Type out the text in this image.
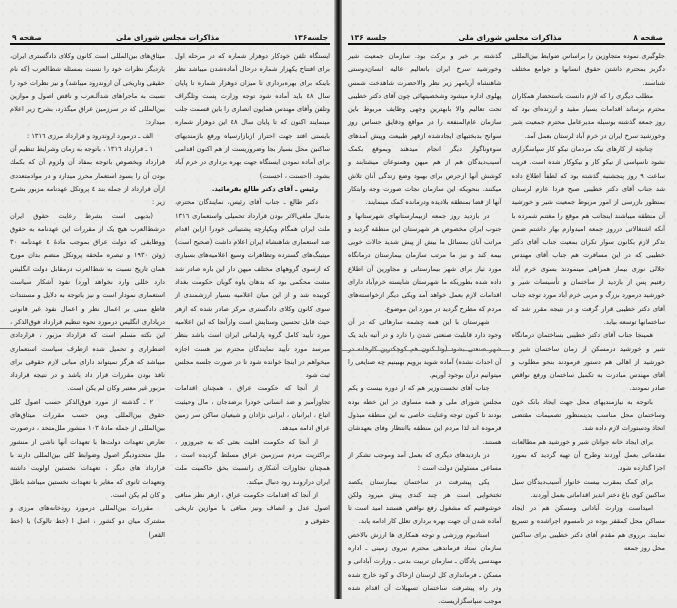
جلسه۱۳۶
مذاکرات مجلس شورای ملی
صفحه ۹

ایستگاه تلفن خودکار دوهزار شماره که در مرحله اول برای افتتاح یکهزار شماره درحال آماده‌شدن میباشد نظر باینکه برای بهره‌برداری تا میزان دوهزار شماره تا پایان سال ٤٨ باید آماده شود توجه وزارت پست وتلگراف وتلفن وآقای مهندس همایون انصاری را باین قسمت جلب مینمایند اکنون که تا پایان سال ٤٨ این دوهزار شماره بایستی افتد جهت احتراز ازبازارسیاه ورفع بازمندیهای ساکنین محل بسیار بجا وضروریست از هم اکنون اقدامی برای آماده نمودن ایستگاه جهت بهره برداری در خرم آباد بشود. (احسنت ، احسنت)

رئیس ـ آقای دکتر طالع بفرمائید.

دکتر طالع ـ جناب آقای رئیس، نمایندگان محترم، بدنبال ملغی‌الاثر بودن قرارداد تحمیلی واستعماری ۱۳۱٦ ملت ایران همگام ویکپارچه پشتیبانی خودرا ازاین اقدام ضد استعماری شاهنشاه ایران اعلام داشت (صحیح است) میتینگ‌های گسترده وتظاهرات وسیع اعلامیه‌های بسیاری که ازسوی گروههای مختلف میهن دار این باره صادر شد مشت محکمی بود که بدهان یاوه گویان حکومت بغداد کوبیده شد و از این میان اعلامیه بسیار ارزشمندی از سوی کانون وکلای دادگستری مرکز صادر شده که ازهر حیث قابل تحسین وستایش است وازآنجا که این اعلامیه مورد تأیید کامل گروه پارلمانی ایران است باشد بنظر میرسد مورد تأیید نمایندگان محترم نیز هست اجازه میخواهم در اینجا خوانده شود تا در صورت جلسه مجلس ثبت شود

از آنجا که حکومت عراق ، همچنان اقدامات تجاوزآمیز و ضد انسانی خودرا برضدجان ، مال وحیثیت اتباع ، ایرانیان ، ایرانی نژادان و شیعیان ساکن سر زمین عراق ادامه میدهد.

از آنجا که حکومت اقلیت بعثی که به جبروزور ، براکثریت مردم سرزمین عراق مسلط گردیده است ، همچنان تجاوزات آشکاری رانسبت بحق حاکمیت ملت ایران درارونـد رود دنبال میکند.

از آنجا که اقدامات حکومت عراق ، ازهر نظر منافی اصول عدل و انصاف ونیز منافی با موازین تاریخی حقوقی و

میثاق‌های بین‌المللی است کانون وکلای دادگستری ایران، باردیگر نظرات خود را نسبت بمسئله شط‌العرب (که نام حقیقی وتاریخی آن اروندرود میباشد) و نیز نظرات خود را نسبت به ماجراهای شدآلـعرب و ناقض اصول و موازین بین‌المللی که در سرزمین عراق میگذرد، بشرح زیر اعلام میدارد:

الف ـ درمورد اروندرود و قرارداد مرزی ۱۳۱٦ :

۱ ـ قرارداد ۱۳۱٦ ، باتوجه به زمان وشرایط تنظیم آن قرارداد وبخصوص باتوجه بمفاد آن ولزوم آن كه بكمك بودن آن را بسود استعمار محرز میدارد و در موادمتعددی ازآن قرارداد از جمله بند ٤ پروتکل عهدنامه مزبور بشرح زیر :

(بدیهی است بشرط رعایت حقوق ایران درشط‌العرب هیچ یک از مقررات این عهدنامه به حقوق ووظایفی که دولت عراق بموجب مادهٔ ٤ عهدنامه ۳۰ ژوئن ۱۹۳۰ و تبصره ملحقه پروتکل منضم بدان مورخ همان تاریخ نسبت به شط‌العرب درمقابل دولت انگلیس دارد خللی وارد نخواهد آورد) نفوذ آشکار سیاست استعماری نمودار است و نیز باتوجه به دلایل و مستندات قاطع مبنی بر اعمال نظر و اعمال نفوذ غیر قانونی دریاداری انگلیس درمورد نحوه تنظیم قرارداد فوق‌الذکر ، این نکته مسلم است که قرارداد مزبور ، قراردادی اضطراری و تحمیل شده ازطرف سیاست استعماری میباشد که هرگز نمیتواند دارای مبانی لازم حقوقی برای نافذ بودن مقررات قرار داد باشد و در نتیجه قرارداد مزبور غیر معتبر وکان لم یکن است.

۲ ـ گذشته از مورد فوق‌الذکر حسب اصول کلی حقوق بین‌المللی وبین حسب مقررات میثاق‌های بین‌المللی از جمله مادهٔ ۱۰۳ منشور ملل‌متحد ، درصورت تعارض تعهدات دولت‌ها با تعهدات آنها ناشی از منشور ملل متحدودیگر اصول وضوابط کلی بین‌المللی دارند با قرارداد های دیگر ، تعهدات نخستین اولویت داشته وتعهدات ثانوی که مغایر با تعهدات نخستین میباشد باطل و کان لم یکن است.

مقررات بین‌المللی درمورد رودخانه‌های مرزی و مشترک میان دو کشور ، اصل ا (خط تالوک) یا (خط القعر)

صفحه ۸
مذاکرات مجلس شورای ملی
جلسه ۱۳۶

جلوگیری نموده متجاوزین را براساس ضوابط بین‌المللی دگربز بمحترم داشتن حقوق انسانها و جوامع مختلف شناسند.

مطلب دیگری را که لازم دانست باستحضار همکاران محترم برساند اقدامات بسیار مفید و ارزنده‌ای بود که روز جمعه گذشته بوسیله مدیرعامل محترم جمعیت شیر وخورشید سرخ ایران در خرم آباد لرستان بعمل آمد.

چنانچه از کارهای نیک مردمان نیکو کار سپاسگزاری نشود ناسپاسی از نیکو کار و نیکوکار شده است. قریب ساعت ۹ روز پنجشنبه گذشته بود که لطفاً اطلاع داده شد جناب آقای دکتر خطیبی صبح فردا عازم لرستان بمنظور بازرسی از امور مربوط جمعیت شیر و خورشید آن منطقه میباشند اینجانب هم موقع را مغتنم شمرده با آنکه اشتغالاتی درروز جمعه امیدوارم بهار داشتم ضمن تذکر لازم بکانون سوار تکران بمعیت جناب آقای دکتر خطیبی که در این مسافرت هم جناب آقای مهندس جلالی نوری بیمار همراهی مینمودند بسوی خرم آباد رفتیم پس از بازدید از ساختمان و تأسیسات شیر و خورشید درمورد بزرگ و مربی خرم آباد مورد توجه جناب آقای دکتر خطیبی قرار گرفت و در نتیجه مقرر شد که ساختمانها توسعه بیابد.

همینجا جناب آقای دکتر خطیبی بساختمان درمانگاه شیر و خورشید درمسکن از زمان ساختمان شیر و خورشید از اهالی هم دستور فرمودند بنحو مطلوب و آقای مهندس مبادرت به تکمیل ساختمان ورفع نواقص صادر نمودند.

باتوجه به نیازمندیهای محل جهت ایجاد بانک خون وساختمان محل مناسب بدینمنظور تصمیمات مقتضی اتخاذ ودستورات لازم داده شد.

برای ایجاد خانه جوانان شیر و خورشید هم مطالعات مقدماتی بعمل آوردند وطرح آن تهیه گردید که بمورد اجرا گذارده شود.

برای کمک بمقرب بیست خانوار آسیب‌دیدگان سیل ساکنین کوی باغ دختر اندیز اقداماتی بعمل آوردند.

امیداست وزارت آبادانی ومسکن هم در ایجاد مساکن محل کمقفر بوده در تامسوم اجراشده و تسریع نمایند. برروی هم مقدم آقای دکتر خطیبی برای ساکنین محل روز جمعه

گذشته بر خیر و برکت بود. سازمان جمعیت شیر وخورشید سرخ ایران باتعالیم عالیه انسان‌دوستی شاهنشاه آریامهر زیر نظر والاحضرت شاهدخت شمس پهلوی اداره میشود وشخصیتهائی چون آقای دکتر خطیبی تحت تعالیم والا بابهترین وجهی وظایف مربوط باین سازمان عام‌المنفعه را در مواقع ودقایق حساس روز سوانح بدبختیهای ایجادشده ازقهر طبیعت وپیش آمدهای سوءوناگوار دیگر انجام میدهند وبموقع بکمک آسیب‌دیدگان هم از هم میهن وهمنوعان میشتابند و کوشش آنها ازحرص برای بهبود وضع زندگی آنان تلاش میکنند. بنحویکه این سازمان نجات صورت وجه وابتکار آنها از قضا بمنطقه بلادیده ودرمانده کمک مینمایند.

در بازدید روز جمعه ازبیمارستانهای شهرستانها و جنوب ایران مخصوص هر شهرستان این منطقه گردید و مراتب آنان بمسائل ما بیش از پیش شدید حالات خوبی بیمه کند و نیز ما مرتب سازمان بیمارستان درمانگاه مورد نیاز برای شهر بیمارستانی و مجاورین آن اطلاع داده شده بطوریکه ما شهرستان شایسته خرم‌آباد دارای اقدامات لازم بعمل خواهد آمد ویکی دیگر ازخواسته‌های مردم که مطرح گردید در مورد این موضوع.

شهرستان با این همه چشمه سارهائی که در آن وجود دارد قابلیت صنعتی شدن را دارد و در آتیه باید یک شهر صنعتی بشود (وتا کنون هم کوچکترین کارخانه در آن احداث نشده) آماده شوید برویم بهبینیم چه صنایعی را میتوانیم درآن بوجود آوریم.

جناب آقای نخست‌وزیر هم که از دوره بیست و یکم مجلس شورای ملی و همه مساوی در این خطه بوده بودند تا کنون توجه وعنایت خاصی به این منطقه مبذول فرموده اند لذا مردم این منطقه باانتظار وفای بعهدشان هستند.

در بازدیدهای دیگری که بعمل آمد وموجب تشکر از مساعی مسئولین دولت است :

یکی پیشرفت در ساختمان بیمارستان یکصد تختخوابی است هر چند کندی پیش میرود ولکن خوشوقتیم که مشغول رفع نواقص هستند امید است تا آماده شدن آن جهت بهره برداری تعلل کار ادامه یابد.

استادیوم ورزشی و توجه همکاری ها ارزش بالاخص سازمان ستاد فرماندهی محترم نیروی زمینی ـ اداره مهندسی پادگان ـ سازمان تربیت بدنی ـ وزارت آبادانی و مسکن ـ فرمانداری کل لرستان ازخاک و کود خارج شده ودر راه پیشرفت ساختمان تسهیلات آن اقدام شده موجب سپاسگزاریست.
